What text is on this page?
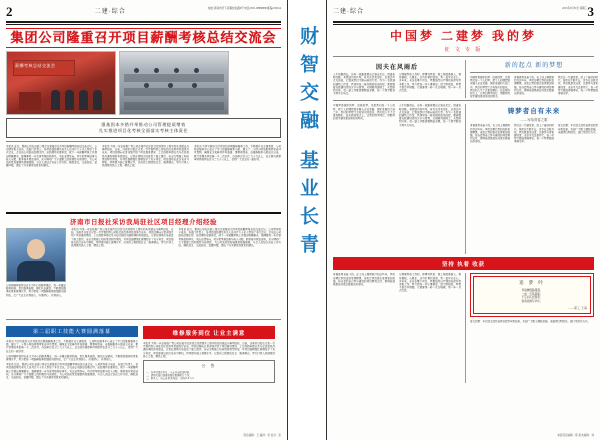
2	二建·综合
地址:济南市历下区解放东路6号 电话:0531-88888888 邮编:250014
集团公司隆重召开项目薪酬考核总结交流会
薪酬考核总结交流会
强基固本多措并举推动公司管理提质增效
扎实推进项目化考核全面落实考核主体责任
本报讯 近日，集团公司在总部三楼会议室隆重召开项目薪酬考核总结交流会议，公司领导班子成员、各部门负责人、各项目部经理及有关人员共计六十余人参加了本次会议。会议由公司副总经理主持，总经理作重要讲话，就下一步薪酬考核工作提出明确要求，强调要进一步完善考核指标体系，突出业绩导向，切实把考核结果与收入分配、职务晋升紧密挂钩，充分调动广大干部职工的积极性与创造性，为公司高质量发展提供坚强保障。与会人员结合各自工作实际，踊跃发言，交流经验，查摆问题，提出了许多建设性意见和建议。
本报讯 为进一步宣传推广我公司在城市社区综合改造提升工程中的先进做法与典型经验，日前，济南市日报社记者一行专程到我公司驻社区改造项目部进行采访。项目经理向记者详细介绍了项目推进情况、工艺创新举措以及与社区居民沟通协调的有效做法。记者在现场实地查看了施工组织、安全文明施工和质量控制等情况，对项目部精细化管理给予了充分肯定。项目部将以此次采访为契机，持续提升施工管理水平，以优质工程回报社会、服务群众，努力打造人民满意的民心工程、精品工程。
本报讯 为切实做好交付项目的后期维修服务工作，不断提升业主满意度，公司物业服务中心成立了专门的维修服务小组，建立了二十四小时值班制度和首问负责制，确保业主报修件件有着落、事事有回音。自维修服务小组成立以来，累计受理各类报修一千二百余件，办结率达百分之九十九以上，业主回访满意率持续保持在百分之九十八以上，受到广大业主的一致好评。
济南市日报社采访我局驻社区项目经理介绍经验
公司将继续坚持以业主为中心的服务理念，进一步健全服务标准，优化服务流程，强化队伍建设，不断提高服务质量和管理水平，努力把每一项维修服务做细做实做到位，让广大业主住得放心、住得舒心、住得安心。
本报讯 为进一步宣传推广我公司在城市社区综合改造提升工程中的先进做法与典型经验，日前，济南市日报社记者一行专程到我公司驻社区改造项目部进行采访。项目经理向记者详细介绍了项目推进情况、工艺创新举措以及与社区居民沟通协调的有效做法。记者在现场实地查看了施工组织、安全文明施工和质量控制等情况，对项目部精细化管理给予了充分肯定。项目部将以此次采访为契机，持续提升施工管理水平，以优质工程回报社会、服务群众，努力打造人民满意的民心工程、精品工程。
本报讯 近日，集团公司在总部三楼会议室隆重召开项目薪酬考核总结交流会议，公司领导班子成员、各部门负责人、各项目部经理及有关人员共计六十余人参加了本次会议。会议由公司副总经理主持，总经理作重要讲话，就下一步薪酬考核工作提出明确要求，强调要进一步完善考核指标体系，突出业绩导向，切实把考核结果与收入分配、职务晋升紧密挂钩，充分调动广大干部职工的积极性与创造性，为公司高质量发展提供坚强保障。与会人员结合各自工作实际，踊跃发言，交流经验，查摆问题，提出了许多建设性意见和建议。
第二届职工技能大赛圆满落幕
本报讯 为切实做好交付项目的后期维修服务工作，不断提升业主满意度，公司物业服务中心成立了专门的维修服务小组，建立了二十四小时值班制度和首问负责制，确保业主报修件件有着落、事事有回音。自维修服务小组成立以来，累计受理各类报修一千二百余件，办结率达百分之九十九以上，业主回访满意率持续保持在百分之九十八以上，受到广大业主的一致好评。
公司将继续坚持以业主为中心的服务理念，进一步健全服务标准，优化服务流程，强化队伍建设，不断提高服务质量和管理水平，努力把每一项维修服务做细做实做到位，让广大业主住得放心、住得舒心、住得安心。
本报讯 近日，集团公司在总部三楼会议室隆重召开项目薪酬考核总结交流会议，公司领导班子成员、各部门负责人、各项目部经理及有关人员共计六十余人参加了本次会议。会议由公司副总经理主持，总经理作重要讲话，就下一步薪酬考核工作提出明确要求，强调要进一步完善考核指标体系，突出业绩导向，切实把考核结果与收入分配、职务晋升紧密挂钩，充分调动广大干部职工的积极性与创造性，为公司高质量发展提供坚强保障。与会人员结合各自工作实际，踊跃发言，交流经验，查摆问题，提出了许多建设性意见和建议。
维修服务到位 让业主满意
本报讯 为进一步宣传推广我公司在城市社区综合改造提升工程中的先进做法与典型经验，日前，济南市日报社记者一行专程到我公司驻社区改造项目部进行采访。项目经理向记者详细介绍了项目推进情况、工艺创新举措以及与社区居民沟通协调的有效做法。记者在现场实地查看了施工组织、安全文明施工和质量控制等情况，对项目部精细化管理给予了充分肯定。项目部将以此次采访为契机，持续提升施工管理水平，以优质工程回报社会、服务群众，努力打造人民满意的民心工程、精品工程。
公 告
一、各项目部于本月二十五日前报送材料。
二、请相关部门按要求做好数据统计工作。
三、联系人：办公室 联系电话：内线８８６６
责任编辑：王 编排：李 校对：张
财智交融
基业长青
二建·综合
2015年9月30日 星期三 3
中国梦 二建梦 我的梦
征 文 专 版
因夫在风雨后
人生的路很长，总有一段路需要自己独自走过。回望来时的路，有坦途也有坎坷，有欢笑也有泪水。正是这些点点滴滴，汇聚成我们不断向前的力量。作为一名普通的建筑工作者，我深知每一栋高楼的拔地而起，都凝聚着无数建设者的汗水与智慧。从钢筋到混凝土，从图纸到实体，每一道工序都需要精益求精，每一个细节都容不得半点马虎。
记得刚参加工作时，师傅对我说：做工程就像做人，根基要稳，心要正。这句朴素的话语，我一直牢记在心。多年来，无论在哪个岗位，我都始终以严谨的态度对待本职工作，努力把每一件小事做好。因为我相信，梦想不是空中楼阁，它需要用一砖一瓦去堆砌，用一年一月去沉淀。
新的起点 新的梦想
中国梦是国家的梦、民族的梦，也是我们每一个人的梦。把个人的理想追求融入企业发展、国家发展的大局之中，我们的梦想才会有坚实的依托，我们的人生才会更加精彩。站在新的起点上，让我们携手同行，用勤劳的双手建设更加美好的明天。
青春是用来奋斗的。在工地上摸爬滚打的这些年，风吹日晒让我的皮肤变得黝黑，但也让我的意志变得更加坚强。每当看到自己参与建设的项目顺利交付，那种成就感是任何语言都难以形容的。
我们这一代建设者，赶上了最好的时代。城市在不断生长，家乡在日新月异，我们既是见证者，也是参与者和建设者。无论平凡还是伟大，每一份努力都值得被尊重，每一个梦想都值得被守护。
中国梦是国家的梦、民族的梦，也是我们每一个人的梦。把个人的理想追求融入企业发展、国家发展的大局之中，我们的梦想才会有坚实的依托，我们的人生才会更加精彩。站在新的起点上，让我们携手同行，用勤劳的双手建设更加美好的明天。
人生的路很长，总有一段路需要自己独自走过。回望来时的路，有坦途也有坎坷，有欢笑也有泪水。正是这些点点滴滴，汇聚成我们不断向前的力量。作为一名普通的建筑工作者，我深知每一栋高楼的拔地而起，都凝聚着无数建设者的汗水与智慧。从钢筋到混凝土，从图纸到实体，每一道工序都需要精益求精，每一个细节都容不得半点马虎。
铸梦者自有未来
——写给青春之歌
青春是用来奋斗的。在工地上摸爬滚打的这些年，风吹日晒让我的皮肤变得黝黑，但也让我的意志变得更加坚强。每当看到自己参与建设的项目顺利交付，那种成就感是任何语言都难以形容的。
我们这一代建设者，赶上了最好的时代。城市在不断生长，家乡在日新月异，我们既是见证者，也是参与者和建设者。无论平凡还是伟大，每一份努力都值得被尊重，每一个梦想都值得被守护。
征文启事：本次征文活动自即日起至年底结束，欢迎广大职工踊跃投稿，来稿请注明姓名、部门及联系方式。
坚持 执着 收获
青春是用来奋斗的。在工地上摸爬滚打的这些年，风吹日晒让我的皮肤变得黝黑，但也让我的意志变得更加坚强。每当看到自己参与建设的项目顺利交付，那种成就感是任何语言都难以形容的。
记得刚参加工作时，师傅对我说：做工程就像做人，根基要稳，心要正。这句朴素的话语，我一直牢记在心。多年来，无论在哪个岗位，我都始终以严谨的态度对待本职工作，努力把每一件小事做好。因为我相信，梦想不是空中楼阁，它需要用一砖一瓦去堆砌，用一年一月去沉淀。
追 梦 吟
风雨兼程路漫漫，
一砖一瓦筑新篇。
不忘初心担使命，
铁肩担道写华年。
——职工 王海
征文启事：本次征文活动自即日起至年底结束，欢迎广大职工踊跃投稿，来稿请注明姓名、部门及联系方式。
本版责任编辑：陈 美术编辑：刘
